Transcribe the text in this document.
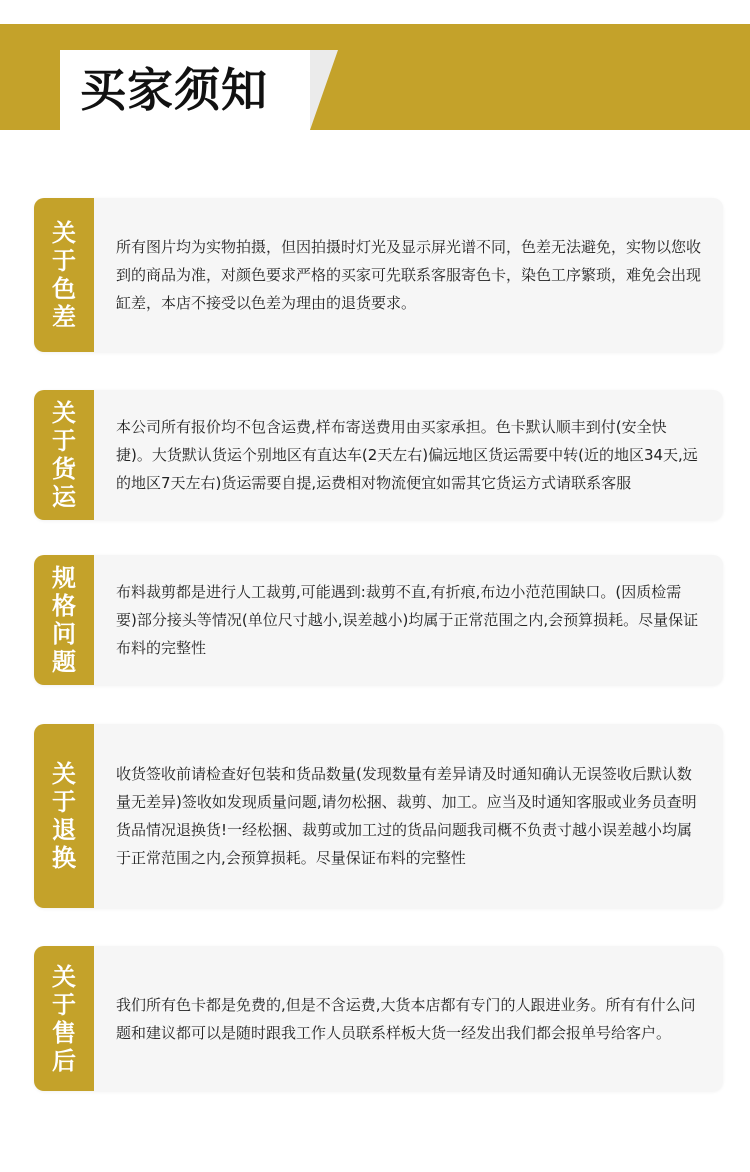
买家须知
关于色差

所有图片均为实物拍摄，但因拍摄时灯光及显示屏光谱不同，色差无法避免，实物以您收到的商品为准，对颜色要求严格的买家可先联系客服寄色卡，染色工序繁琐，难免会出现缸差，本店不接受以色差为理由的退货要求。

关于货运

本公司所有报价均不包含运费,样布寄送费用由买家承担。色卡默认顺丰到付(安全快捷)。大货默认货运个别地区有直达车(2天左右)偏远地区货运需要中转(近的地区34天,远的地区7天左右)货运需要自提,运费相对物流便宜如需其它货运方式请联系客服

规格问题

布料裁剪都是进行人工裁剪,可能遇到:裁剪不直,有折痕,布边小范范围缺口。(因质检需要)部分接头等情况(单位尺寸越小,误差越小)均属于正常范围之内,会预算损耗。尽量保证布料的完整性

关于退换

收货签收前请检查好包装和货品数量(发现数量有差异请及时通知确认无误签收后默认数量无差异)签收如发现质量问题,请勿松捆、裁剪、加工。应当及时通知客服或业务员查明货品情况退换货!一经松捆、裁剪或加工过的货品问题我司概不负责寸越小误差越小均属于正常范围之内,会预算损耗。尽量保证布料的完整性

关于售后

我们所有色卡都是免费的,但是不含运费,大货本店都有专门的人跟进业务。所有有什么问题和建议都可以是随时跟我工作人员联系样板大货一经发出我们都会报单号给客户。
